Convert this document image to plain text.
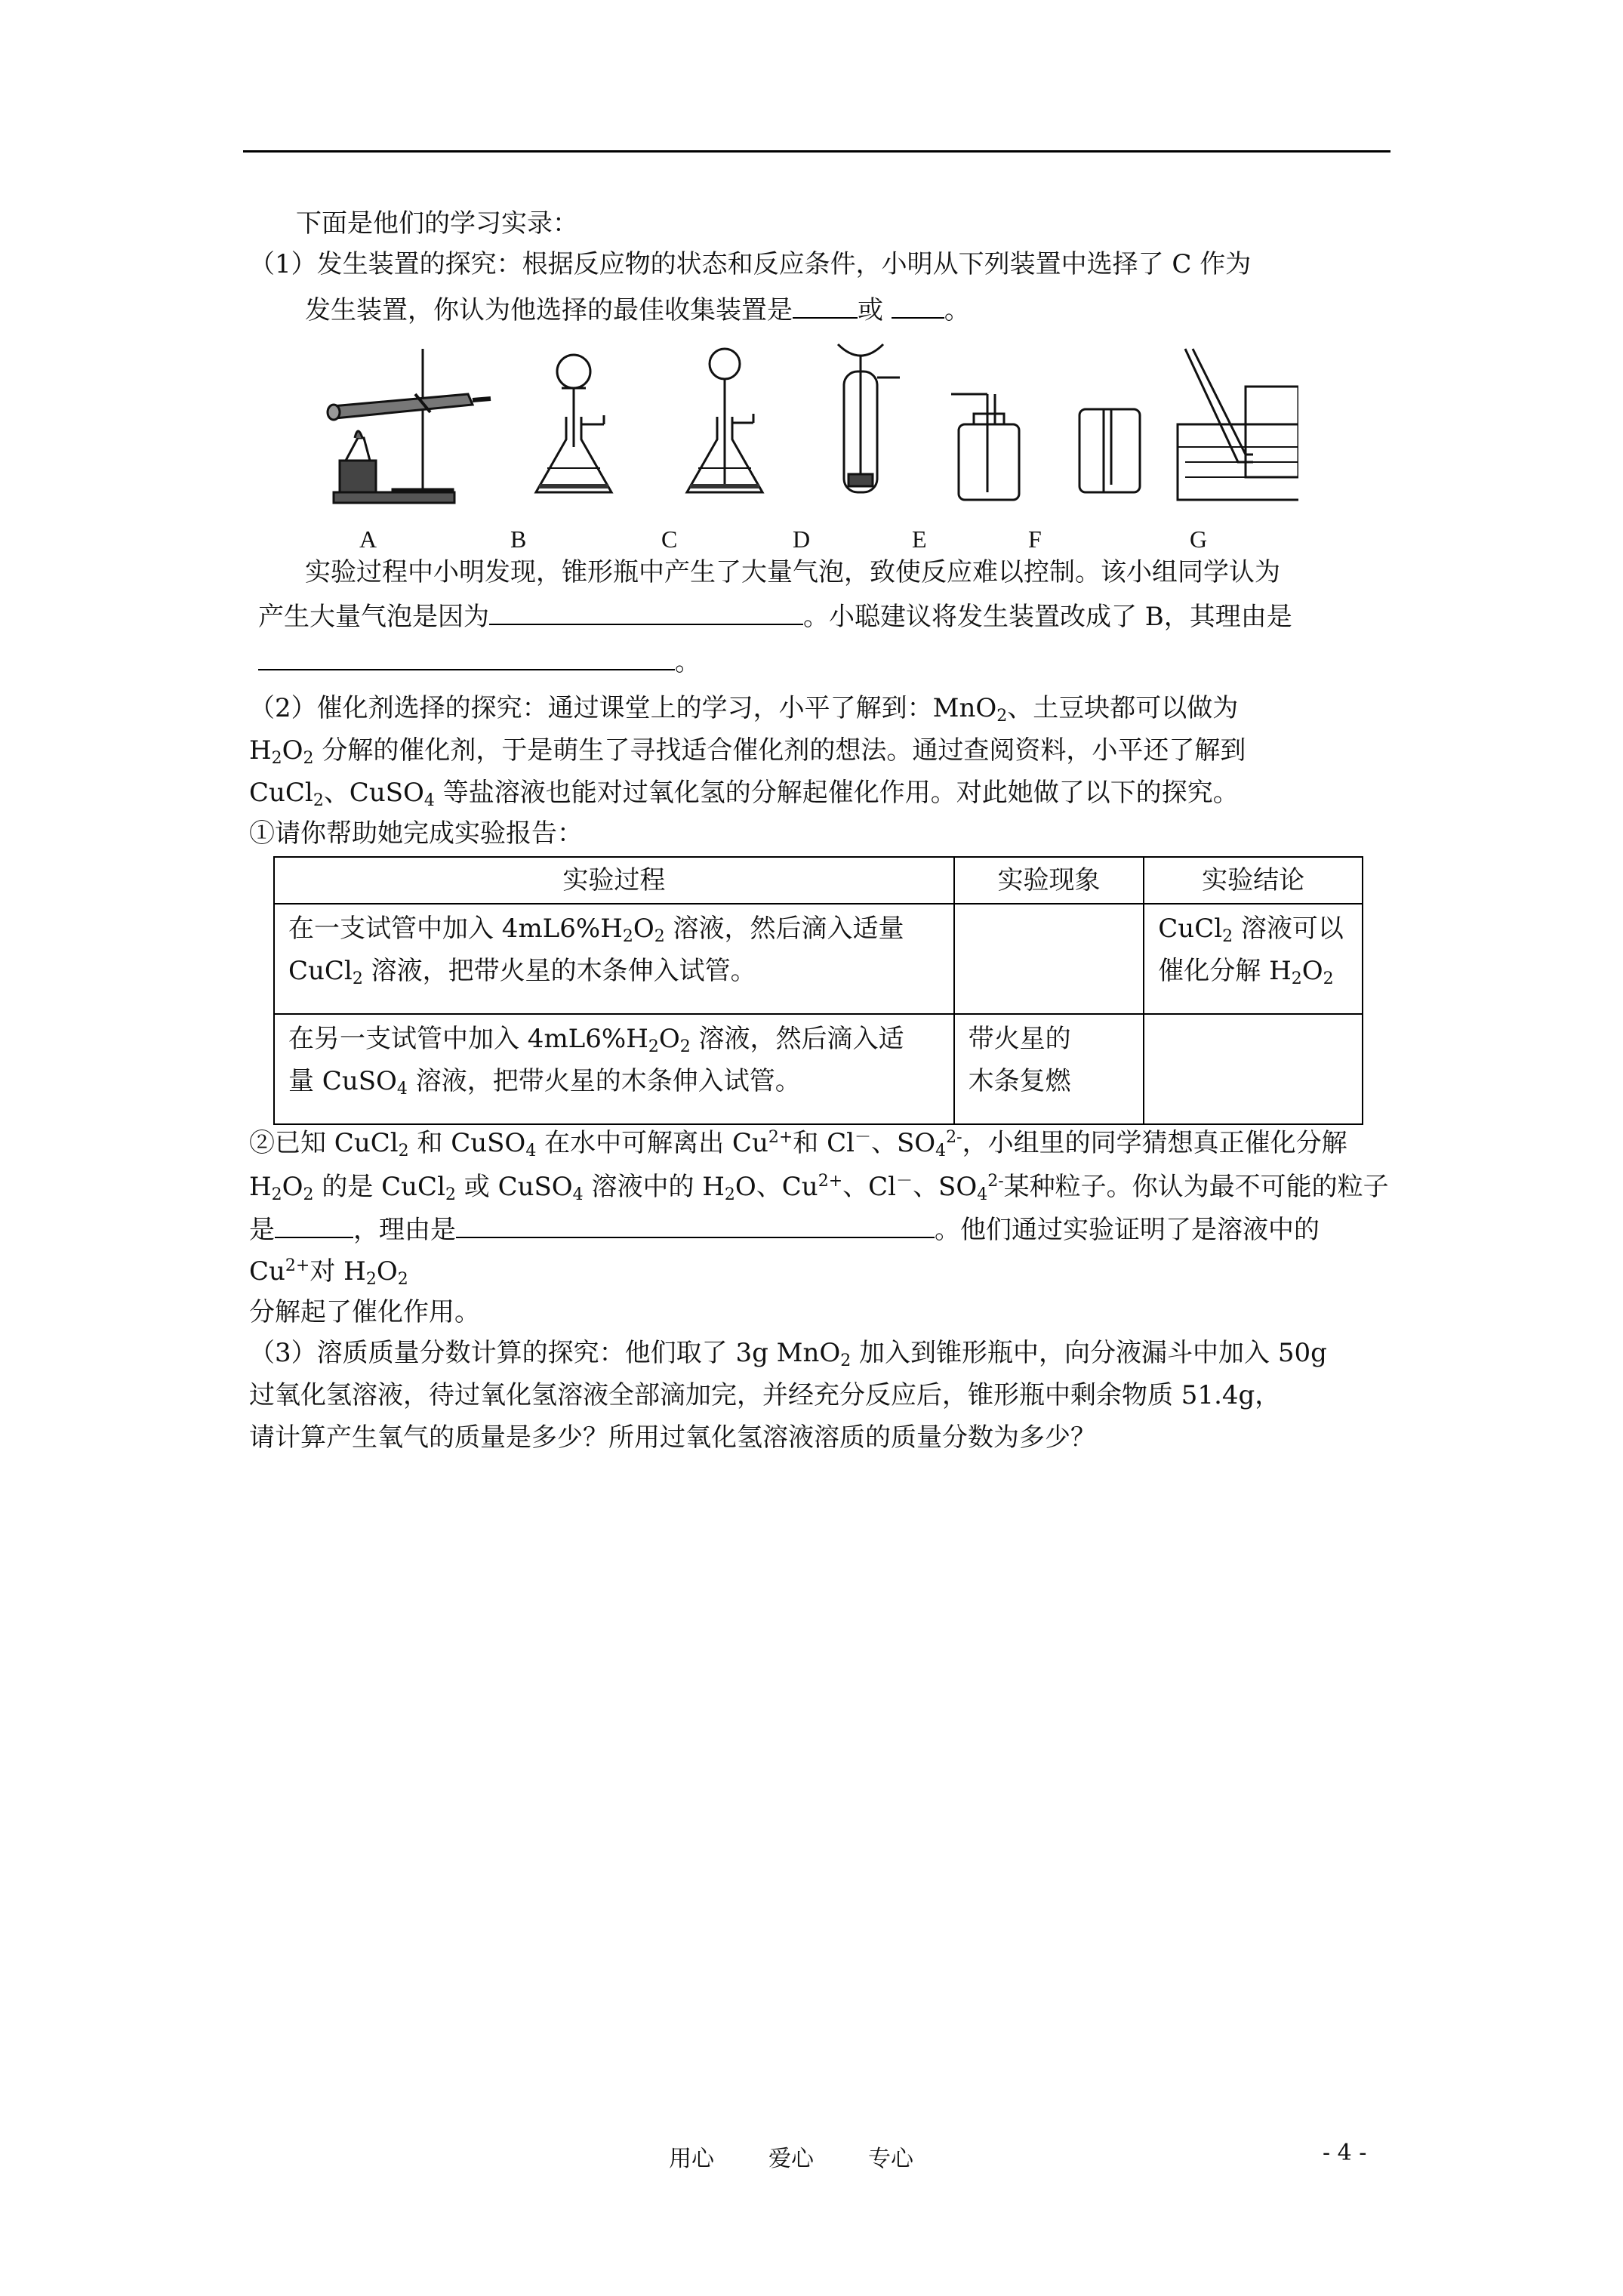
下面是他们的学习实录：
（1）发生装置的探究：根据反应物的状态和反应条件，小明从下列装置中选择了 C 作为
发生装置，你认为他选择的最佳收集装置是	或 。
A	B	C	D	E	F	G
实验过程中小明发现，锥形瓶中产生了大量气泡，致使反应难以控制。该小组同学认为
产生大量气泡是因为	。小聪建议将发生装置改成了 B，其理由是
。
（2）催化剂选择的探究：通过课堂上的学习，小平了解到：MnO$_2$、土豆块都可以做为
$H_2O_2$ 分解的催化剂，于是萌生了寻找适合催化剂的想法。通过查阅资料，小平还了解到
CuCl$_2$、CuSO$_4$ 等盐溶液也能对过氧化氢的分解起催化作用。对此她做了以下的探究。
①请你帮助她完成实验报告：
实验过程	实验现象	实验结论
在一支试管中加入 $4mL6\%H_2O_2$ 溶液，然后滴入适量
CuCl$_2$ 溶液，把带火星的木条伸入试管。		CuCl$_2$ 溶液可以
催化分解 $H_2O_2$
在另一支试管中加入 $4mL6\%H_2O_2$ 溶液，然后滴入适
量 CuSO$_4$ 溶液，把带火星的木条伸入试管。	带火星的
木条复燃	
②已知 CuCl$_2$ 和 CuSO$_4$ 在水中可解离出 $Cu^{2+}$和 Cl－、$SO_4^{2-}$，小组里的同学猜想真正催化分解
$H_2O_2$ 的是 CuCl$_2$ 或 CuSO$_4$ 溶液中的 $H_2O$、$Cu^{2+}$、Cl－、$SO_4^{2-}$某种粒子。你认为最不可能的粒子
是	，理由是	。他们通过实验证明了是溶液中的
$Cu^{2+}$对 $H_2O_2$
分解起了催化作用。
（3）溶质质量分数计算的探究：他们取了 3g MnO$_2$ 加入到锥形瓶中，向分液漏斗中加入 50g
过氧化氢溶液，待过氧化氢溶液全部滴加完，并经充分反应后，锥形瓶中剩余物质 51.4g，
请计算产生氧气的质量是多少？所用过氧化氢溶液溶质的质量分数为多少？
用心 爱心 专心	- 4 -
